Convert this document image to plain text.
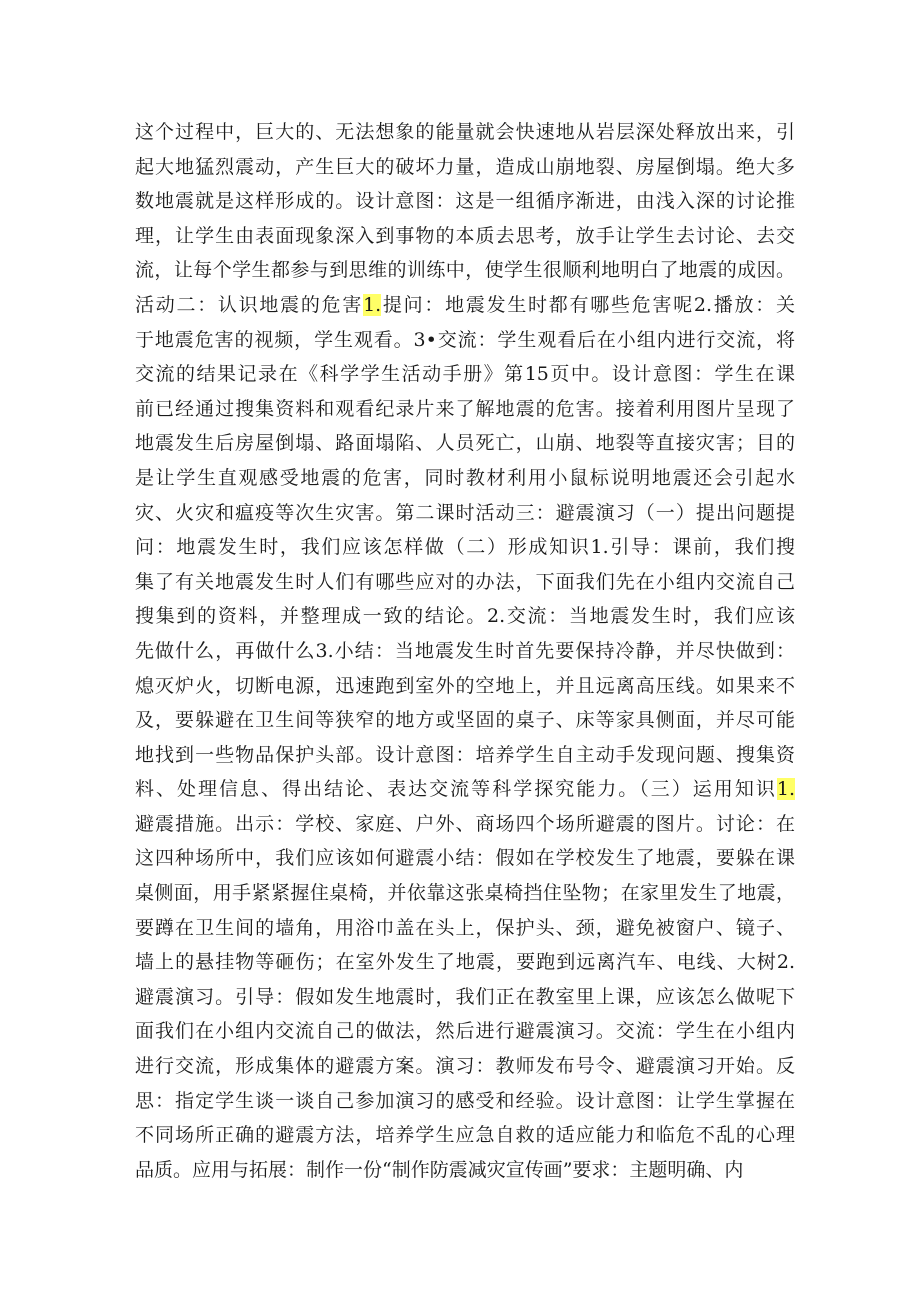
这个过程中，巨大的、无法想象的能量就会快速地从岩层深处释放出来，引
起大地猛烈震动，产生巨大的破坏力量，造成山崩地裂、房屋倒塌。绝大多
数地震就是这样形成的。设计意图：这是一组循序渐进，由浅入深的讨论推
理，让学生由表面现象深入到事物的本质去思考，放手让学生去讨论、去交
流，让每个学生都参与到思维的训练中，使学生很顺利地明白了地震的成因。
活动二：认识地震的危害1.提问：地震发生时都有哪些危害呢2.播放：关
于地震危害的视频，学生观看。3•交流：学生观看后在小组内进行交流，将
交流的结果记录在《科学学生活动手册》第15页中。设计意图：学生在课
前已经通过搜集资料和观看纪录片来了解地震的危害。接着利用图片呈现了
地震发生后房屋倒塌、路面塌陷、人员死亡，山崩、地裂等直接灾害；目的
是让学生直观感受地震的危害，同时教材利用小鼠标说明地震还会引起水
灾、火灾和瘟疫等次生灾害。第二课时活动三：避震演习（一）提出问题提
问：地震发生时，我们应该怎样做（二）形成知识1.引导：课前，我们搜
集了有关地震发生时人们有哪些应对的办法，下面我们先在小组内交流自己
搜集到的资料，并整理成一致的结论。2.交流：当地震发生时，我们应该
先做什么，再做什么3.小结：当地震发生时首先要保持冷静，并尽快做到：
熄灭炉火，切断电源，迅速跑到室外的空地上，并且远离高压线。如果来不
及，要躲避在卫生间等狭窄的地方或坚固的桌子、床等家具侧面，并尽可能
地找到一些物品保护头部。设计意图：培养学生自主动手发现问题、搜集资
料、处理信息、得出结论、表达交流等科学探究能力。（三）运用知识1.
避震措施。出示：学校、家庭、户外、商场四个场所避震的图片。讨论：在
这四种场所中，我们应该如何避震小结：假如在学校发生了地震，要躲在课
桌侧面，用手紧紧握住桌椅，并依靠这张桌椅挡住坠物；在家里发生了地震，
要蹲在卫生间的墙角，用浴巾盖在头上，保护头、颈，避免被窗户、镜子、
墙上的悬挂物等砸伤；在室外发生了地震，要跑到远离汽车、电线、大树2.
避震演习。引导：假如发生地震时，我们正在教室里上课，应该怎么做呢下
面我们在小组内交流自己的做法，然后进行避震演习。交流：学生在小组内
进行交流，形成集体的避震方案。演习：教师发布号令、避震演习开始。反
思：指定学生谈一谈自己参加演习的感受和经验。设计意图：让学生掌握在
不同场所正确的避震方法，培养学生应急自救的适应能力和临危不乱的心理
品质。应用与拓展：制作一份“制作防震减灾宣传画”要求：主题明确、内
